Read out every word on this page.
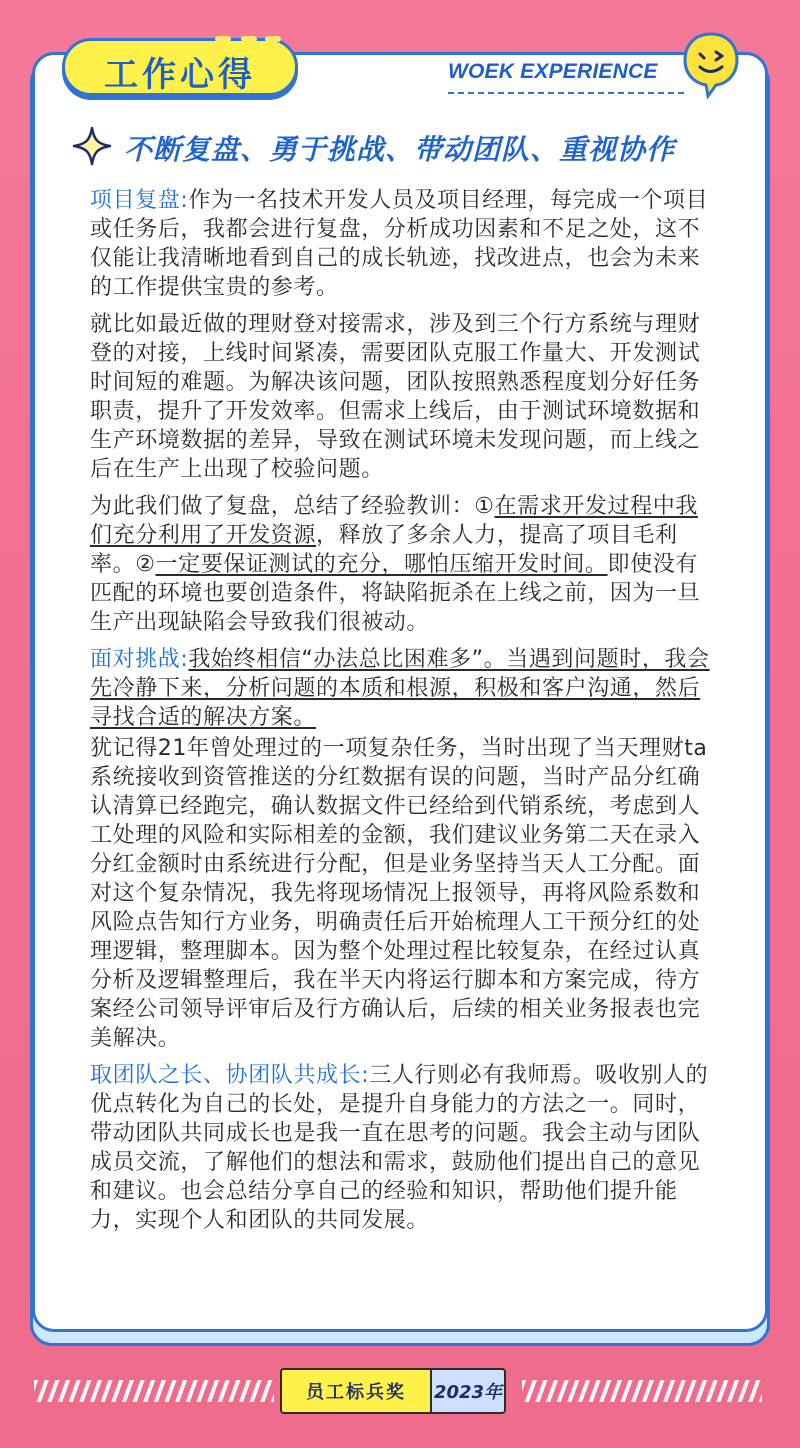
工作心得	WOEK EXPERIENCE
不断复盘、勇于挑战、带动团队、重视协作

项目复盘:作为一名技术开发人员及项目经理，每完成一个项目或任务后，我都会进行复盘，分析成功因素和不足之处，这不仅能让我清晰地看到自己的成长轨迹，找改进点，也会为未来的工作提供宝贵的参考。

就比如最近做的理财登对接需求，涉及到三个行方系统与理财登的对接，上线时间紧凑，需要团队克服工作量大、开发测试时间短的难题。为解决该问题，团队按照熟悉程度划分好任务职责，提升了开发效率。但需求上线后，由于测试环境数据和生产环境数据的差异，导致在测试环境未发现问题，而上线之后在生产上出现了校验问题。

为此我们做了复盘，总结了经验教训：①在需求开发过程中我们充分利用了开发资源，释放了多余人力，提高了项目毛利率。②一定要保证测试的充分，哪怕压缩开发时间。即使没有匹配的环境也要创造条件，将缺陷扼杀在上线之前，因为一旦生产出现缺陷会导致我们很被动。

面对挑战:我始终相信“办法总比困难多”。当遇到问题时，我会先冷静下来，分析问题的本质和根源，积极和客户沟通，然后寻找合适的解决方案。

犹记得21年曾处理过的一项复杂任务，当时出现了当天理财ta系统接收到资管推送的分红数据有误的问题，当时产品分红确认清算已经跑完，确认数据文件已经给到代销系统，考虑到人工处理的风险和实际相差的金额，我们建议业务第二天在录入分红金额时由系统进行分配，但是业务坚持当天人工分配。面对这个复杂情况，我先将现场情况上报领导，再将风险系数和风险点告知行方业务，明确责任后开始梳理人工干预分红的处理逻辑，整理脚本。因为整个处理过程比较复杂，在经过认真分析及逻辑整理后，我在半天内将运行脚本和方案完成，待方案经公司领导评审后及行方确认后，后续的相关业务报表也完美解决。

取团队之长、协团队共成长:三人行则必有我师焉。吸收别人的优点转化为自己的长处，是提升自身能力的方法之一。同时，带动团队共同成长也是我一直在思考的问题。我会主动与团队成员交流，了解他们的想法和需求，鼓励他们提出自己的意见和建议。也会总结分享自己的经验和知识，帮助他们提升能力，实现个人和团队的共同发展。

员工标兵奖	2023年
